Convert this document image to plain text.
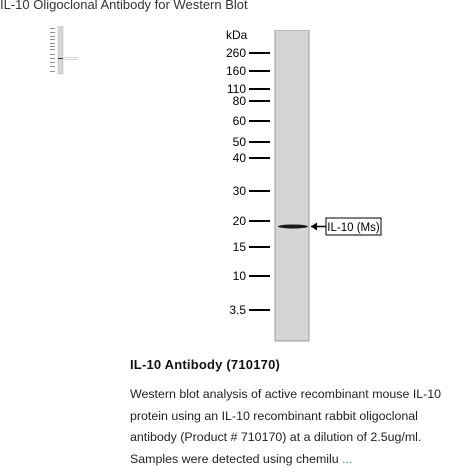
IL-10 Oligoclonal Antibody for Western Blot
kDa
260
160
110
80
60
50
40
30
20
15
10
3.5
IL-10 (Ms)
IL-10 Antibody (710170)
Western blot analysis of active recombinant mouse IL-10 protein using an IL-10 recombinant rabbit oligoclonal antibody (Product # 710170) at a dilution of 2.5ug/ml. Samples were detected using chemilu ...
